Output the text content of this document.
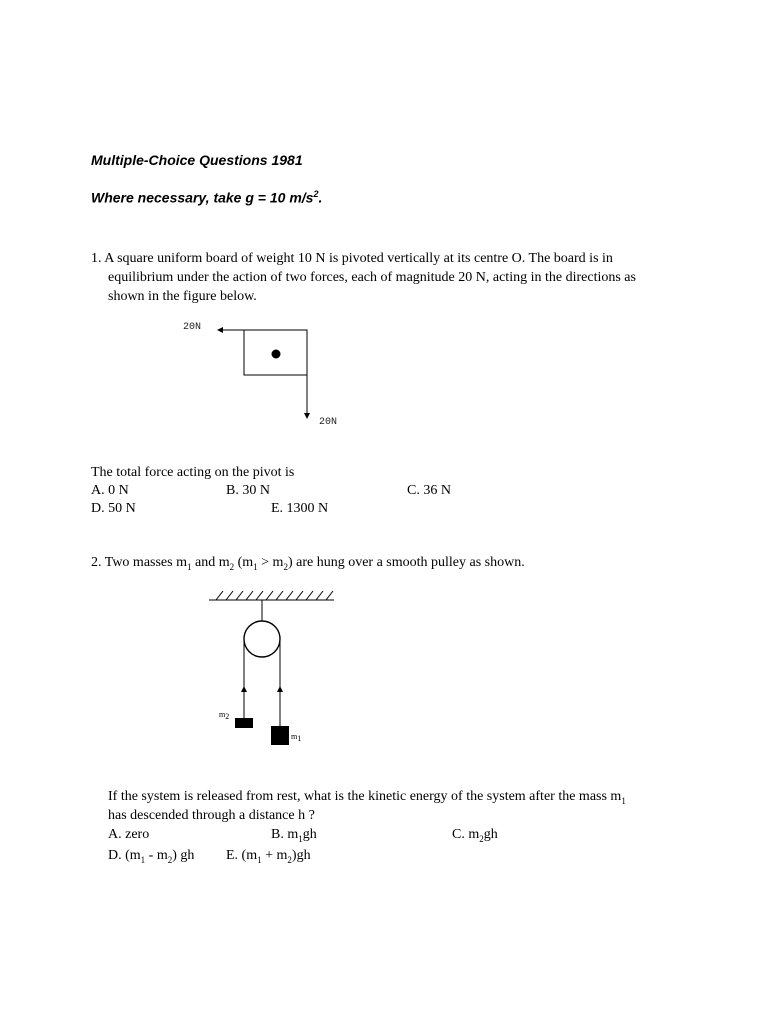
Multiple-Choice Questions 1981
Where necessary, take g = 10 $m/s^2$.
1. A square uniform board of weight 10 N is pivoted vertically at its centre O. The board is in
equilibrium under the action of two forces, each of magnitude 20 N, acting in the directions as
shown in the figure below.
20N
20N
The total force acting on the pivot is
A. 0 N	B. 30 N	C. 36 N
D. 50 N	E. 1300 N
2. Two masses $m_1$ and $m_2$ $(m_1 > m_2)$ are hung over a smooth pulley as shown.
m2
m1
If the system is released from rest, what is the kinetic energy of the system after the mass $m_1$
has descended through a distance h ?
A. zero	B. $m_1gh$	C. $m_2gh$
D. $(m_1 - m_2)$ gh E. $(m_1 + m_2)gh$
